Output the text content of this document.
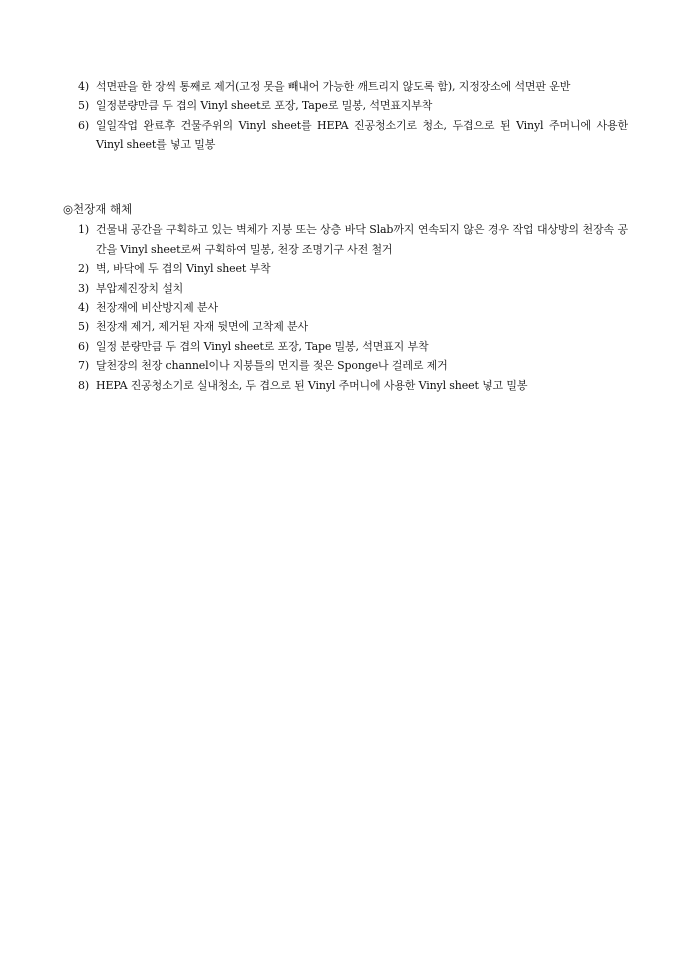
4) 석면판을 한 장씩 통째로 제거(고정 못을 빼내어 가능한 깨트리지 않도록 함), 지정장소에 석면판 운반
5) 일정분량만큼 두 겹의 Vinyl sheet로 포장, Tape로 밀봉, 석면표지부착
6) 일일작업 완료후 건물주위의 Vinyl sheet를 HEPA 진공청소기로 청소, 두겹으로 된 Vinyl 주머니에 사용한 Vinyl sheet를 넣고 밀봉
◎천장재 해체
1) 건물내 공간을 구획하고 있는 벽체가 지붕 또는 상층 바닥 Slab까지 연속되지 않은 경우 작업 대상방의 천장속 공간을 Vinyl sheet로써 구획하여 밀봉, 천장 조명기구 사전 철거
2) 벽, 바닥에 두 겹의 Vinyl sheet 부착
3) 부압제진장치 설치
4) 천장재에 비산방지제 분사
5) 천장재 제거, 제거된 자재 뒷면에 고착제 분사
6) 일정 분량만큼 두 겹의 Vinyl sheet로 포장, Tape 밀봉, 석면표지 부착
7) 달천장의 천장 channel이나 지붕틀의 먼지를 젖은 Sponge나 걸레로 제거
8) HEPA 진공청소기로 실내청소, 두 겹으로 된 Vinyl 주머니에 사용한 Vinyl sheet 넣고 밀봉
